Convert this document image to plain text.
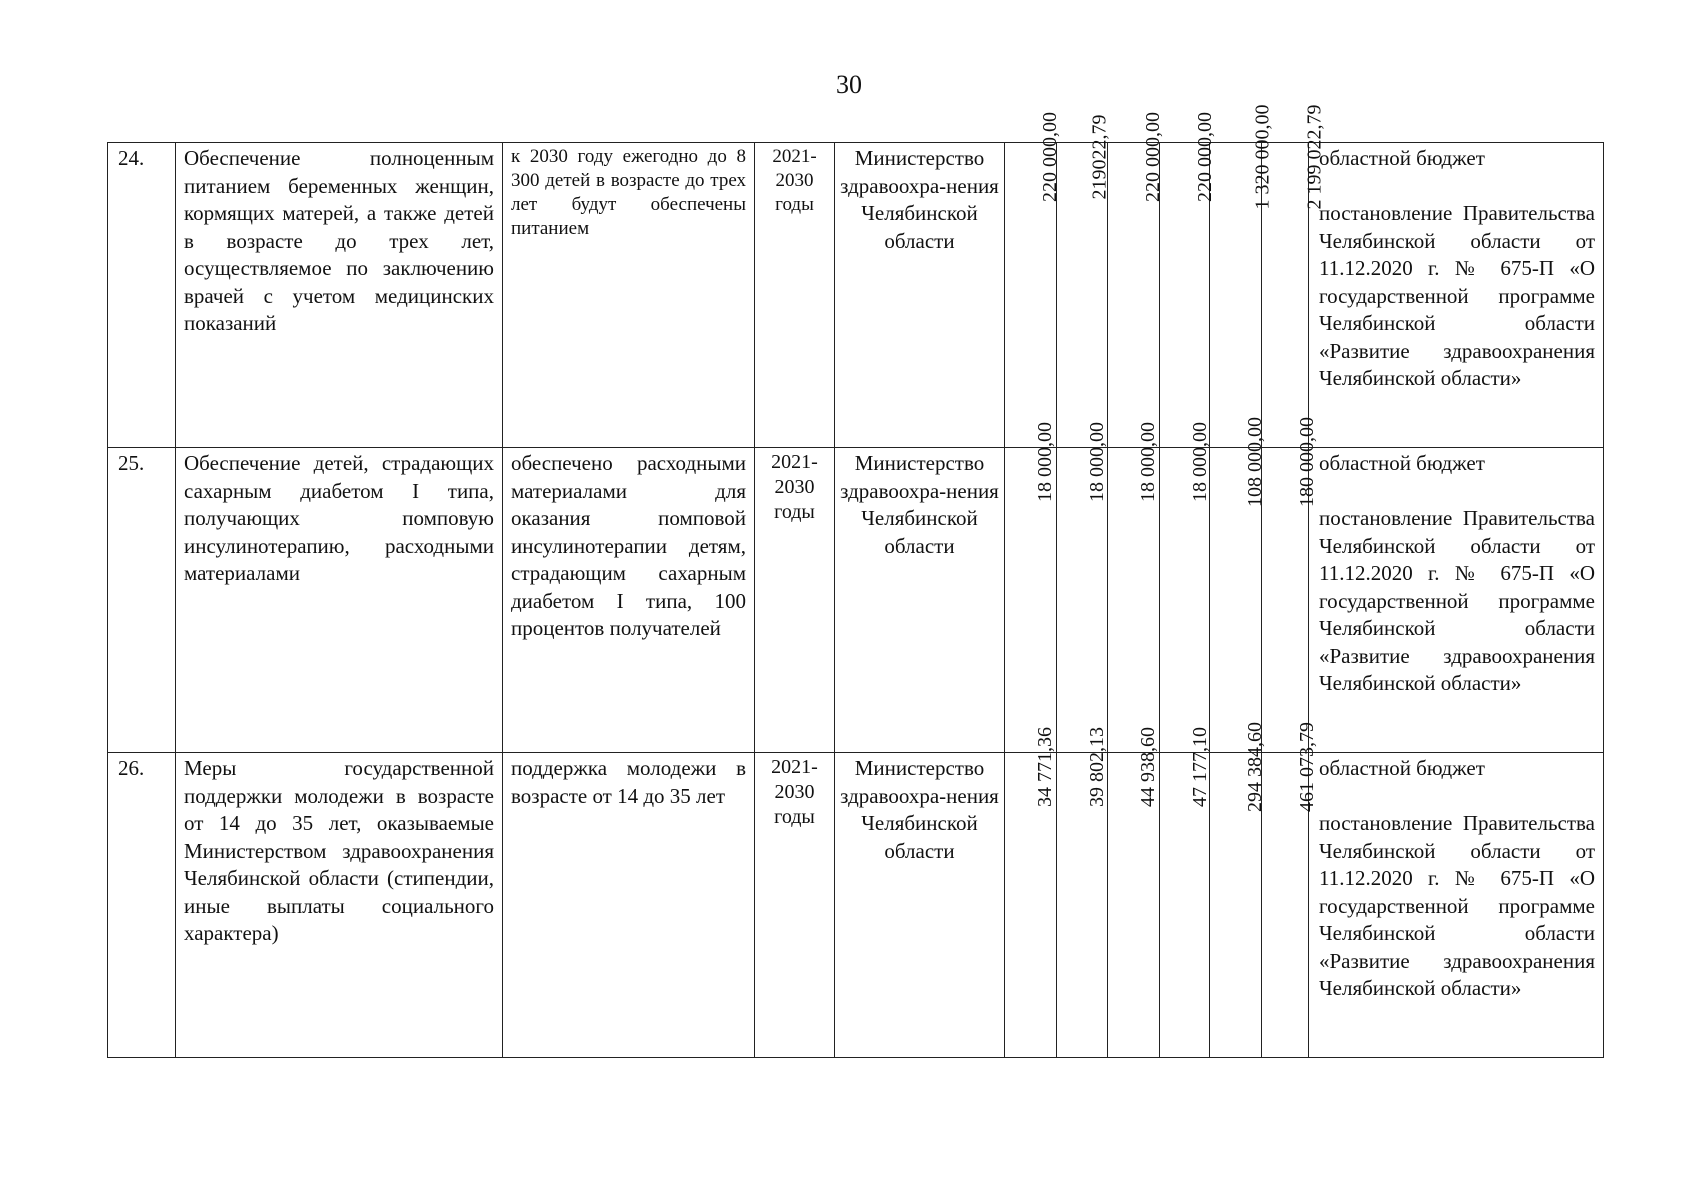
30
24.	Обеспечение полноценным питанием беременных женщин, кормящих матерей, а также детей в возрасте до трех лет, осуществляемое по заключению врачей с учетом медицинских показаний	к 2030 году ежегодно до 8 300 детей в возрасте до трех лет будут обеспечены питанием	2021-2030 годы	Министерство здравоохра-нения Челябинской области	220 000,00	219022,79	220 000,00	220 000,00	1 320 000,00	2 199 022,79	областной бюджет
постановление Правительства Челябинской области от 11.12.2020 г. № 675-П «О государственной программе Челябинской области «Развитие здравоохранения Челябинской области»
25.	Обеспечение детей, страдающих сахарным диабетом I типа, получающих помповую инсулинотерапию, расходными материалами	обеспечено расходными материалами для оказания помповой инсулинотерапии детям, страдающим сахарным диабетом I типа, 100 процентов получателей	2021-2030 годы	Министерство здравоохра-нения Челябинской области	18 000,00	18 000,00	18 000,00	18 000,00	108 000,00	180 000,00	областной бюджет
постановление Правительства Челябинской области от 11.12.2020 г. № 675-П «О государственной программе Челябинской области «Развитие здравоохранения Челябинской области»
26.	Меры государственной поддержки молодежи в возрасте от 14 до 35 лет, оказываемые Министерством здравоохранения Челябинской области (стипендии, иные выплаты социального характера)	поддержка молодежи в возрасте от 14 до 35 лет	2021-2030 годы	Министерство здравоохра-нения Челябинской области	34 771,36	39 802,13	44 938,60	47 177,10	294 384,60	461 073,79	областной бюджет
постановление Правительства Челябинской области от 11.12.2020 г. № 675-П «О государственной программе Челябинской области «Развитие здравоохранения Челябинской области»
